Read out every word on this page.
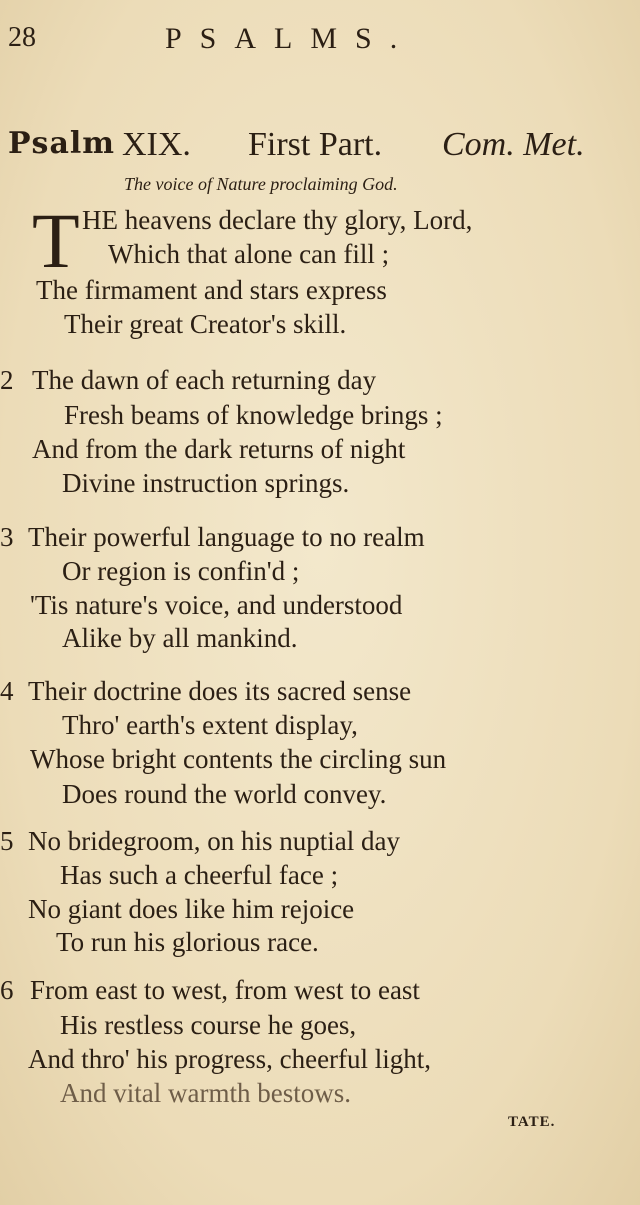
28	PSALMS.
Psalm XIX. First Part. Com. Met.
The voice of Nature proclaiming God.
T HE heavens declare thy glory, Lord,
Which that alone can fill ;
The firmament and stars express
Their great Creator's skill.
2 The dawn of each returning day
Fresh beams of knowledge brings ;
And from the dark returns of night
Divine instruction springs.
3 Their powerful language to no realm
Or region is confin'd ;
'Tis nature's voice, and understood
Alike by all mankind.
4 Their doctrine does its sacred sense
Thro' earth's extent display,
Whose bright contents the circling sun
Does round the world convey.
5 No bridegroom, on his nuptial day
Has such a cheerful face ;
No giant does like him rejoice
To run his glorious race.
6 From east to west, from west to east
His restless course he goes,
And thro' his progress, cheerful light,
And vital warmth bestows.
TATE.
